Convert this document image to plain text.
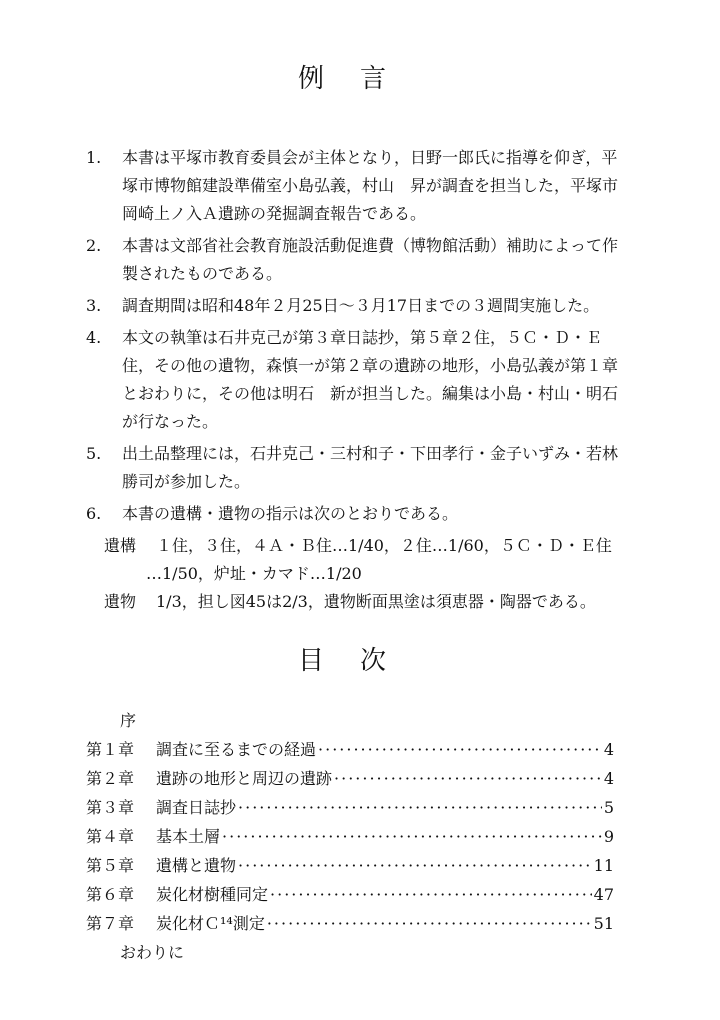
例言
1. 本書は平塚市教育委員会が主体となり，日野一郎氏に指導を仰ぎ，平塚市博物館建設準備室小島弘義，村山　昇が調査を担当した，平塚市岡崎上ノ入Ａ遺跡の発掘調査報告である。
2. 本書は文部省社会教育施設活動促進費（博物館活動）補助によって作製されたものである。
3. 調査期間は昭和48年２月25日～３月17日までの３週間実施した。
4. 本文の執筆は石井克己が第３章日誌抄，第５章２住，５Ｃ・Ｄ・Ｅ住，その他の遺物，森慎一が第２章の遺跡の地形，小島弘義が第１章とおわりに，その他は明石　新が担当した。編集は小島・村山・明石が行なった。
5. 出土品整理には，石井克己・三村和子・下田孝行・金子いずみ・若林勝司が参加した。
6. 本書の遺構・遺物の指示は次のとおりである。
遺構	１住，３住，４Ａ・Ｂ住…1/40，２住…1/60，５Ｃ・Ｄ・Ｅ住
…1/50，炉址・カマド…1/20
遺物	1/3，担し図45は2/3，遺物断面黒塗は須恵器・陶器である。
目次
序
第１章	調査に至るまでの経過 ·····	4
第２章	遺跡の地形と周辺の遺跡 ·····	4
第３章	調査日誌抄 ·····	5
第４章	基本土層 ·····	9
第５章	遺構と遺物 ·····	11
第６章	炭化材樹種同定 ·····	47
第７章	炭化材Ｃ¹⁴測定 ·····	51
おわりに
